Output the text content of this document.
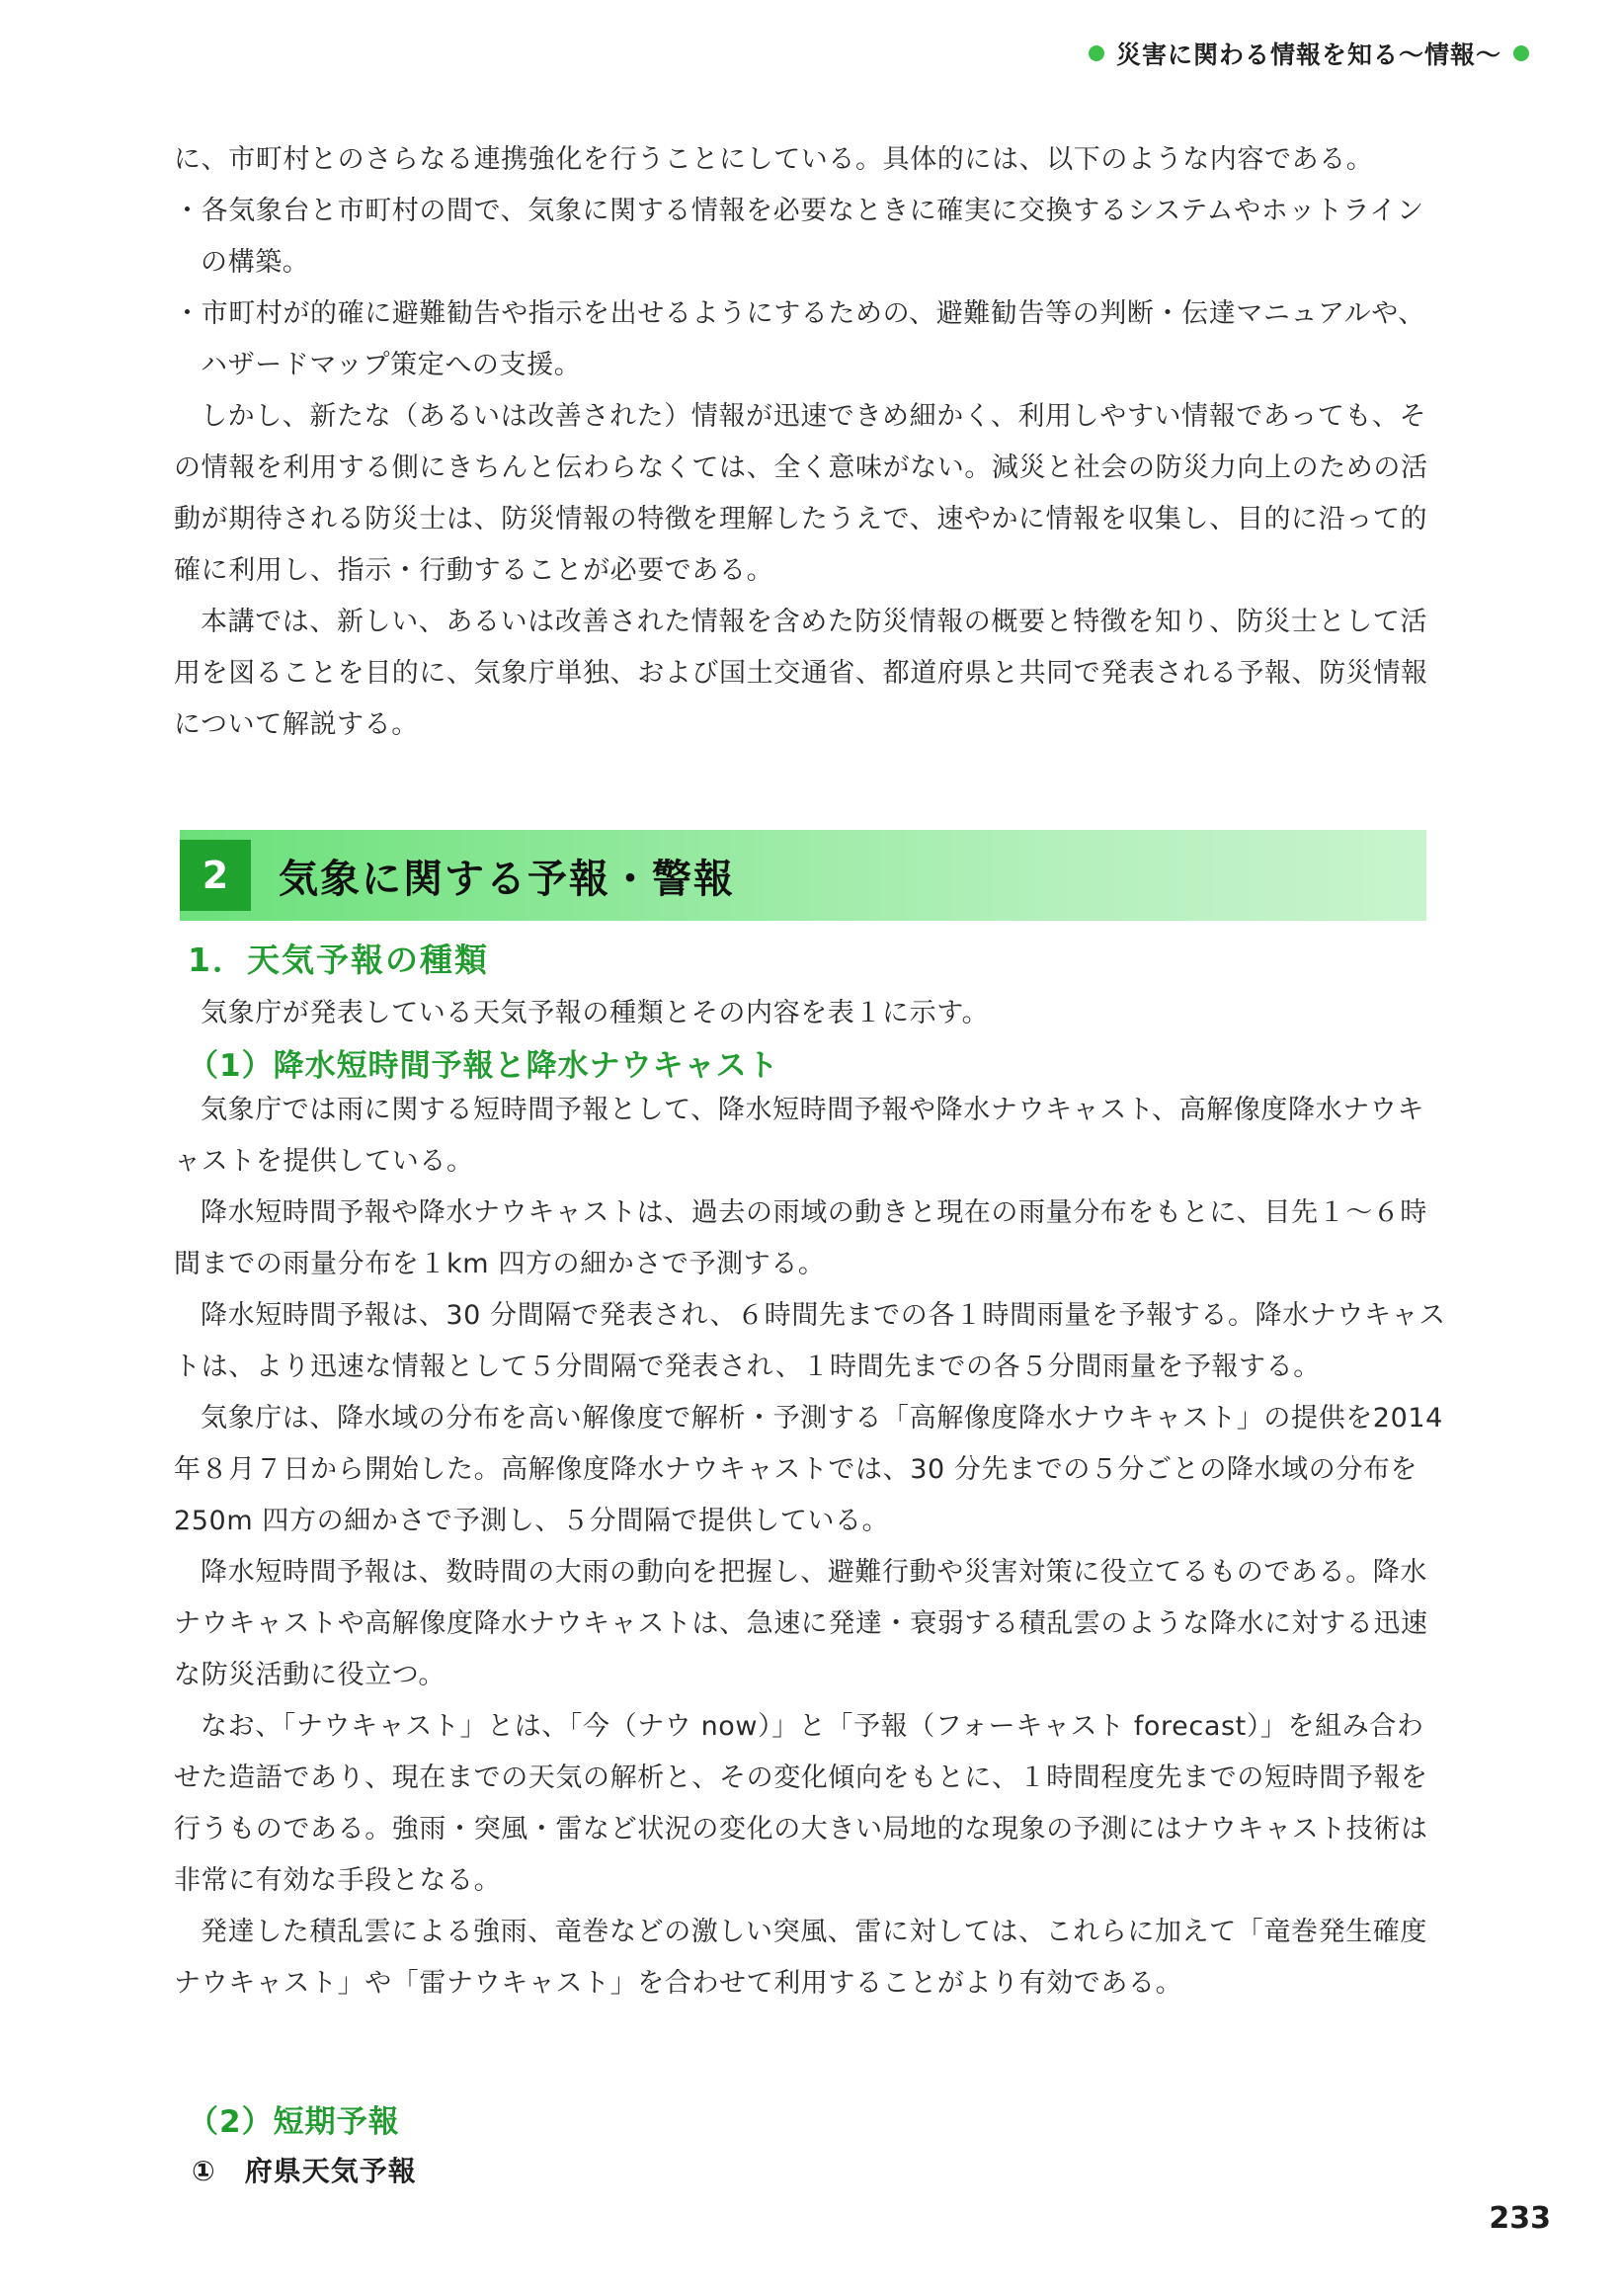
災害に関わる情報を知る〜情報〜

に、市町村とのさらなる連携強化を行うことにしている。具体的には、以下のような内容である。

・各気象台と市町村の間で、気象に関する情報を必要なときに確実に交換するシステムやホットラインの構築。

・市町村が的確に避難勧告や指示を出せるようにするための、避難勧告等の判断・伝達マニュアルや、ハザードマップ策定への支援。

しかし、新たな（あるいは改善された）情報が迅速できめ細かく、利用しやすい情報であっても、その情報を利用する側にきちんと伝わらなくては、全く意味がない。減災と社会の防災力向上のための活動が期待される防災士は、防災情報の特徴を理解したうえで、速やかに情報を収集し、目的に沿って的確に利用し、指示・行動することが必要である。

本講では、新しい、あるいは改善された情報を含めた防災情報の概要と特徴を知り、防災士として活用を図ることを目的に、気象庁単独、および国土交通省、都道府県と共同で発表される予報、防災情報について解説する。

2	気象に関する予報・警報
1．天気予報の種類

気象庁が発表している天気予報の種類とその内容を表１に示す。

（1）降水短時間予報と降水ナウキャスト

気象庁では雨に関する短時間予報として、降水短時間予報や降水ナウキャスト、高解像度降水ナウキャストを提供している。

降水短時間予報や降水ナウキャストは、過去の雨域の動きと現在の雨量分布をもとに、目先１〜６時間までの雨量分布を１km 四方の細かさで予測する。

降水短時間予報は、30 分間隔で発表され、６時間先までの各１時間雨量を予報する。降水ナウキャストは、より迅速な情報として５分間隔で発表され、１時間先までの各５分間雨量を予報する。

気象庁は、降水域の分布を高い解像度で解析・予測する「高解像度降水ナウキャスト」の提供を2014 年８月７日から開始した。高解像度降水ナウキャストでは、30 分先までの５分ごとの降水域の分布を 250m 四方の細かさで予測し、５分間隔で提供している。

降水短時間予報は、数時間の大雨の動向を把握し、避難行動や災害対策に役立てるものである。降水ナウキャストや高解像度降水ナウキャストは、急速に発達・衰弱する積乱雲のような降水に対する迅速な防災活動に役立つ。

なお、「ナウキャスト」とは、「今（ナウ now）」と「予報（フォーキャスト forecast）」を組み合わせた造語であり、現在までの天気の解析と、その変化傾向をもとに、１時間程度先までの短時間予報を行うものである。強雨・突風・雷など状況の変化の大きい局地的な現象の予測にはナウキャスト技術は非常に有効な手段となる。

発達した積乱雲による強雨、竜巻などの激しい突風、雷に対しては、これらに加えて「竜巻発生確度ナウキャスト」や「雷ナウキャスト」を合わせて利用することがより有効である。

（2）短期予報
①　府県天気予報
233
